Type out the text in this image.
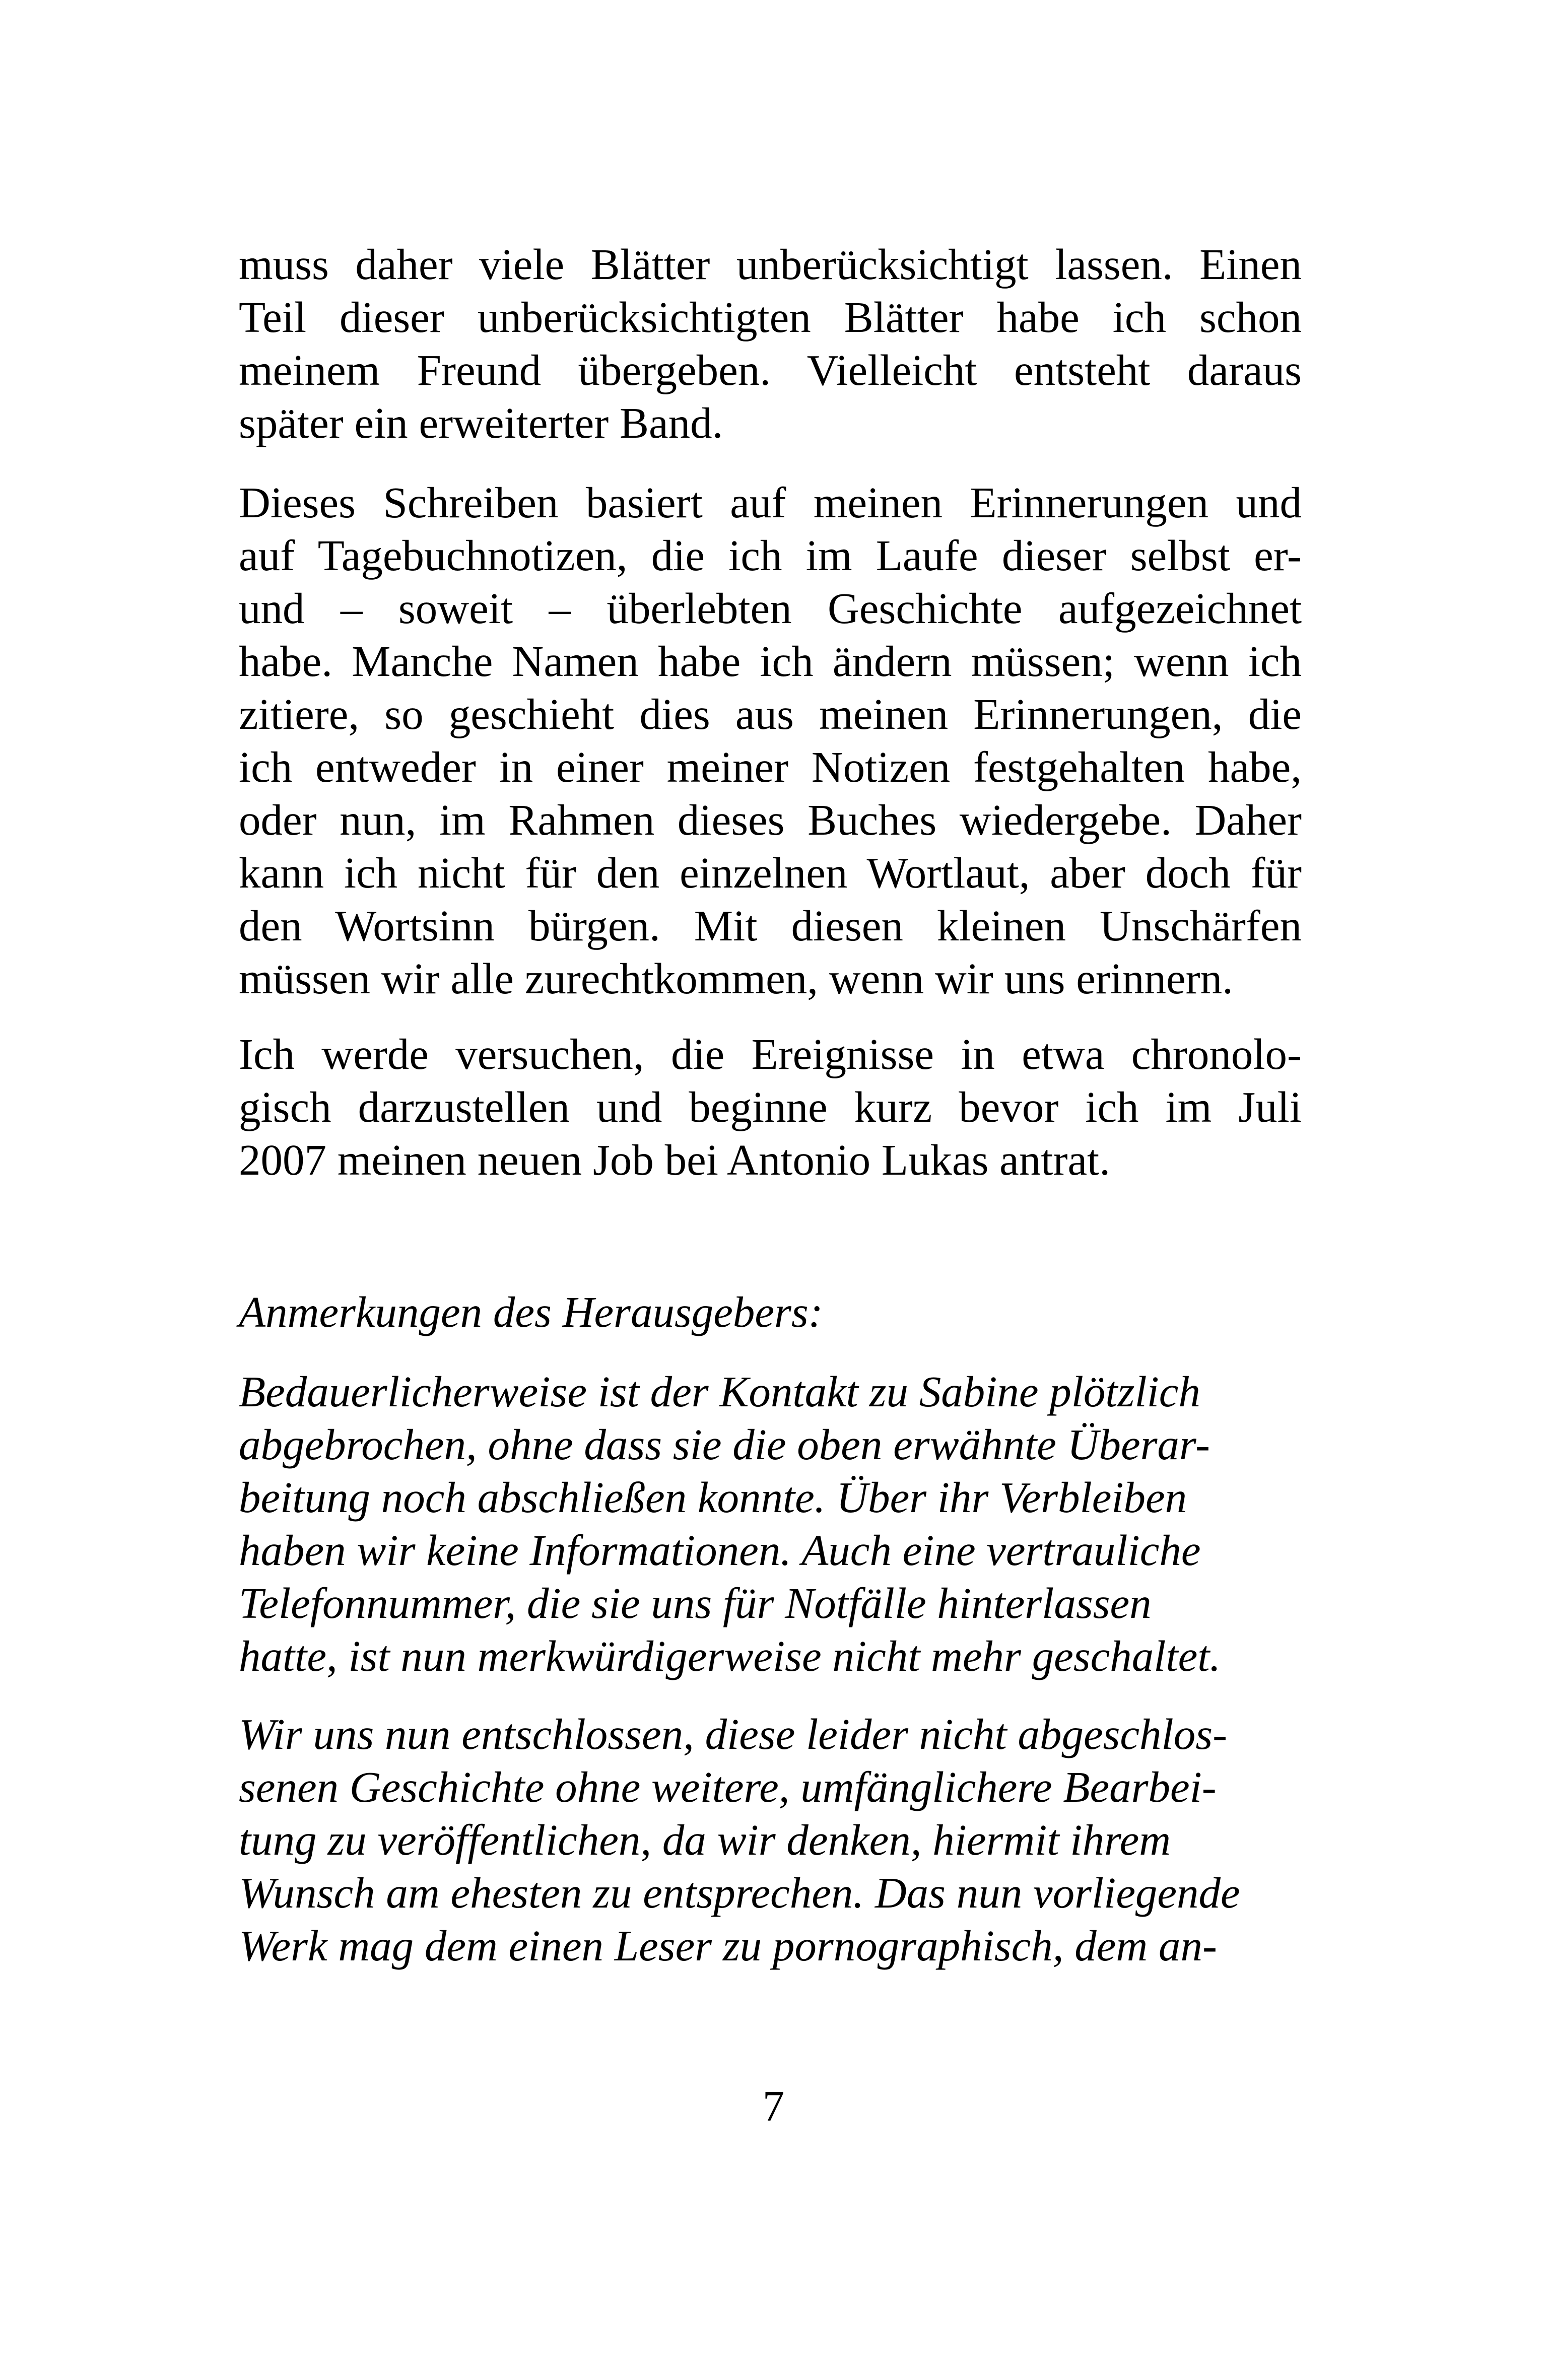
muss daher viele Blätter unberücksichtigt lassen. Einen
Teil dieser unberücksichtigten Blätter habe ich schon
meinem Freund übergeben. Vielleicht entsteht daraus
später ein erweiterter Band.
Dieses Schreiben basiert auf meinen Erinnerungen und
auf Tagebuchnotizen, die ich im Laufe dieser selbst er-
und – soweit – überlebten Geschichte aufgezeichnet
habe. Manche Namen habe ich ändern müssen; wenn ich
zitiere, so geschieht dies aus meinen Erinnerungen, die
ich entweder in einer meiner Notizen festgehalten habe,
oder nun, im Rahmen dieses Buches wiedergebe. Daher
kann ich nicht für den einzelnen Wortlaut, aber doch für
den Wortsinn bürgen. Mit diesen kleinen Unschärfen
müssen wir alle zurechtkommen, wenn wir uns erinnern.
Ich werde versuchen, die Ereignisse in etwa chronolo-
gisch darzustellen und beginne kurz bevor ich im Juli
2007 meinen neuen Job bei Antonio Lukas antrat.
Anmerkungen des Herausgebers:
Bedauerlicherweise ist der Kontakt zu Sabine plötzlich
abgebrochen, ohne dass sie die oben erwähnte Überar-
beitung noch abschließen konnte. Über ihr Verbleiben
haben wir keine Informationen. Auch eine vertrauliche
Telefonnummer, die sie uns für Notfälle hinterlassen
hatte, ist nun merkwürdigerweise nicht mehr geschaltet.
Wir uns nun entschlossen, diese leider nicht abgeschlos-
senen Geschichte ohne weitere, umfänglichere Bearbei-
tung zu veröffentlichen, da wir denken, hiermit ihrem
Wunsch am ehesten zu entsprechen. Das nun vorliegende
Werk mag dem einen Leser zu pornographisch, dem an-
7
